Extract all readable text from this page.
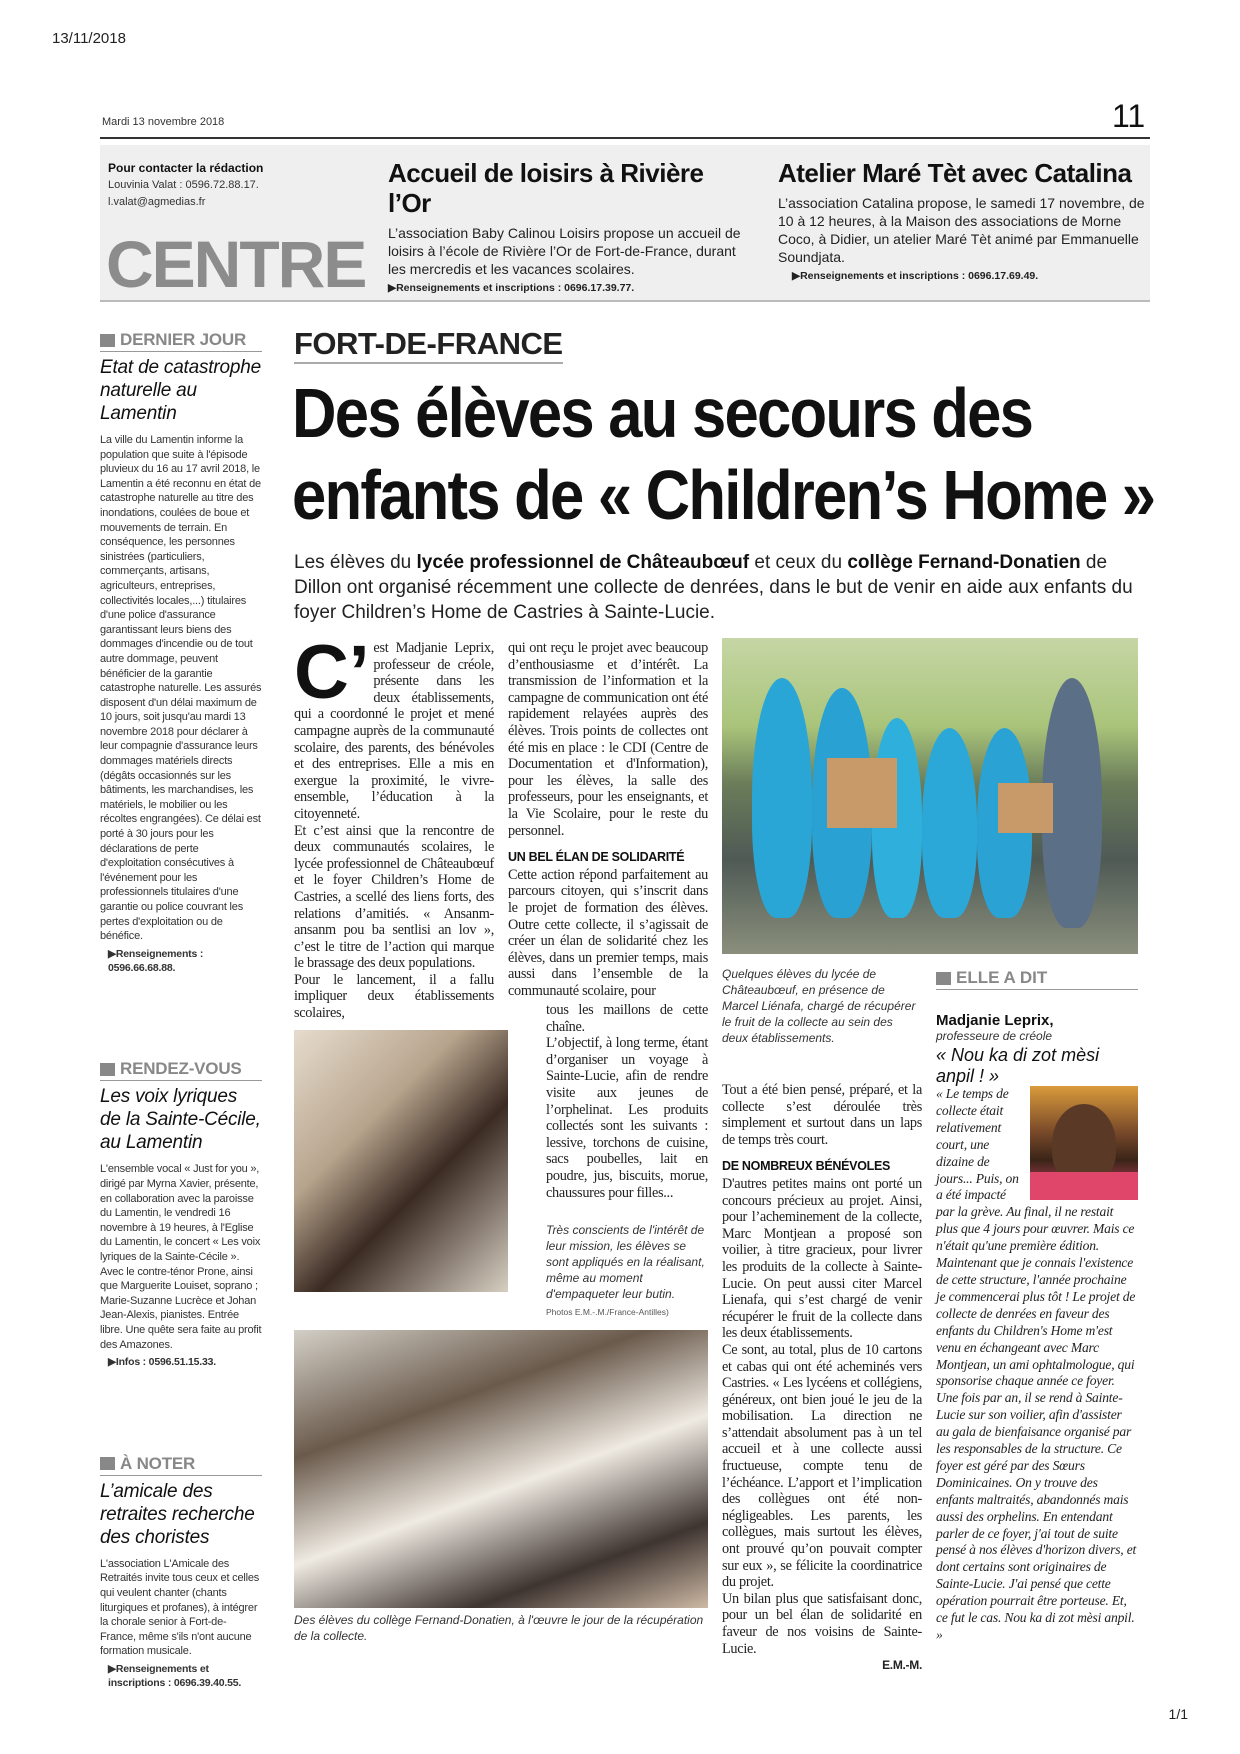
13/11/2018
1/1
Mardi 13 novembre 2018	11
Pour contacter la rédaction
Louvinia Valat : 0596.72.88.17.
l.valat@agmedias.fr
CENTRE
Accueil de loisirs à Rivière l’Or
L’association Baby Calinou Loisirs propose un accueil de loisirs à l’école de Rivière l’Or de Fort-de-France, durant les mercredis et les vacances scolaires.
▶Renseignements et inscriptions : 0696.17.39.77.
Atelier Maré Tèt avec Catalina
L’association Catalina propose, le samedi 17 novembre, de 10 à 12 heures, à la Maison des associations de Morne Coco, à Didier, un atelier Maré Tèt animé par Emmanuelle Soundjata.
▶Renseignements et inscriptions : 0696.17.69.49.
DERNIER JOUR
Etat de catastrophe naturelle au Lamentin

La ville du Lamentin informe la population que suite à l'épisode pluvieux du 16 au 17 avril 2018, le Lamentin a été reconnu en état de catastrophe naturelle au titre des inondations, coulées de boue et mouvements de terrain. En conséquence, les personnes sinistrées (particuliers, commerçants, artisans, agriculteurs, entreprises, collectivités locales,...) titulaires d'une police d'assurance garantissant leurs biens des dommages d'incendie ou de tout autre dommage, peuvent bénéficier de la garantie catastrophe naturelle. Les assurés disposent d'un délai maximum de 10 jours, soit jusqu'au mardi 13 novembre 2018 pour déclarer à leur compagnie d'assurance leurs dommages matériels directs (dégâts occasionnés sur les bâtiments, les marchandises, les matériels, le mobilier ou les récoltes engrangées). Ce délai est porté à 30 jours pour les déclarations de perte d'exploitation consécutives à l'événement pour les professionnels titulaires d'une garantie ou police couvrant les pertes d'exploitation ou de bénéfice.

▶Renseignements : 0596.66.68.88.
RENDEZ-VOUS
Les voix lyriques de la Sainte-Cécile, au Lamentin

L'ensemble vocal « Just for you », dirigé par Myrna Xavier, présente, en collaboration avec la paroisse du Lamentin, le vendredi 16 novembre à 19 heures, à l'Eglise du Lamentin, le concert « Les voix lyriques de la Sainte-Cécile ». Avec le contre-ténor Prone, ainsi que Marguerite Louiset, soprano ; Marie-Suzanne Lucrèce et Johan Jean-Alexis, pianistes. Entrée libre. Une quête sera faite au profit des Amazones.

▶Infos : 0596.51.15.33.
À NOTER
L’amicale des retraites recherche des choristes

L'association L'Amicale des Retraités invite tous ceux et celles qui veulent chanter (chants liturgiques et profanes), à intégrer la chorale senior à Fort-de-France, même s'ils n'ont aucune formation musicale.

▶Renseignements et inscriptions : 0696.39.40.55.
FORT-DE-FRANCE
Des élèves au secours des
enfants de « Children’s Home »
Les élèves du lycée professionnel de Châteaubœuf et ceux du collège Fernand-Donatien de Dillon ont organisé récemment une collecte de denrées, dans le but de venir en aide aux enfants du foyer Children’s Home de Castries à Sainte-Lucie.
C’ est Madjanie Leprix, professeur de créole, présente dans les deux établissements, qui a coordonné le projet et mené campagne auprès de la communauté scolaire, des parents, des bénévoles et des entreprises. Elle a mis en exergue la proximité, le vivre-ensemble, l’éducation à la citoyenneté.

Et c’est ainsi que la rencontre de deux communautés scolaires, le lycée professionnel de Châteaubœuf et le foyer Children’s Home de Castries, a scellé des liens forts, des relations d’amitiés. « Ansanm-ansanm pou ba sentlisi an lov », c’est le titre de l’action qui marque le brassage des deux populations.

Pour le lancement, il a fallu impliquer deux établissements scolaires,

qui ont reçu le projet avec beaucoup d’enthousiasme et d’intérêt. La transmission de l’information et la campagne de communication ont été rapidement relayées auprès des élèves. Trois points de collectes ont été mis en place : le CDI (Centre de Documentation et d'Information), pour les élèves, la salle des professeurs, pour les enseignants, et la Vie Scolaire, pour le reste du personnel.

UN BEL ÉLAN DE SOLIDARITÉ

Cette action répond parfaitement au parcours citoyen, qui s’inscrit dans le projet de formation des élèves. Outre cette collecte, il s’agissait de créer un élan de solidarité chez les élèves, dans un premier temps, mais aussi dans l’ensemble de la communauté scolaire, pour

tous les maillons de cette chaîne.

L’objectif, à long terme, étant d’organiser un voyage à Sainte-Lucie, afin de rendre visite aux jeunes de l’orphelinat. Les produits collectés sont les suivants : lessive, torchons de cuisine, sacs poubelles, lait en poudre, jus, biscuits, morue, chaussures pour filles...

Quelques élèves du lycée de Châteaubœuf, en présence de Marcel Liénafa, chargé de récupérer le fruit de la collecte au sein des deux établissements.
Très conscients de l'intérêt de leur mission, les élèves se sont appliqués en la réalisant, même au moment d'empaqueter leur butin.
Photos E.M.-.M./France-Antilles)
Des élèves du collège Fernand-Donatien, à l'œuvre le jour de la récupération de la collecte.

Tout a été bien pensé, préparé, et la collecte s’est déroulée très simplement et surtout dans un laps de temps très court.

DE NOMBREUX BÉNÉVOLES

D'autres petites mains ont porté un concours précieux au projet. Ainsi, pour l’acheminement de la collecte, Marc Montjean a proposé son voilier, à titre gracieux, pour livrer les produits de la collecte à Sainte-Lucie. On peut aussi citer Marcel Lienafa, qui s’est chargé de venir récupérer le fruit de la collecte dans les deux établissements.

Ce sont, au total, plus de 10 cartons et cabas qui ont été acheminés vers Castries. « Les lycéens et collégiens, généreux, ont bien joué le jeu de la mobilisation. La direction ne s’attendait absolument pas à un tel accueil et à une collecte aussi fructueuse, compte tenu de l’échéance. L’apport et l’implication des collègues ont été non-négligeables. Les parents, les collègues, mais surtout les élèves, ont prouvé qu’on pouvait compter sur eux », se félicite la coordinatrice du projet.

Un bilan plus que satisfaisant donc, pour un bel élan de solidarité en faveur de nos voisins de Sainte-Lucie.

E.M.-M.
ELLE A DIT
Madjanie Leprix,
professeure de créole
« Nou ka di zot mèsi anpil ! »
« Le temps de collecte était relativement court, une dizaine de jours... Puis, on a été impacté par la grève. Au final, il ne restait plus que 4 jours pour œuvrer. Mais ce n'était qu'une première édition. Maintenant que je connais l'existence de cette structure, l'année prochaine je commencerai plus tôt ! Le projet de collecte de denrées en faveur des enfants du Children's Home m'est venu en échangeant avec Marc Montjean, un ami ophtalmologue, qui sponsorise chaque année ce foyer. Une fois par an, il se rend à Sainte-Lucie sur son voilier, afin d'assister au gala de bienfaisance organisé par les responsables de la structure. Ce foyer est géré par des Sœurs Dominicaines. On y trouve des enfants maltraités, abandonnés mais aussi des orphelins. En entendant parler de ce foyer, j'ai tout de suite pensé à nos élèves d'horizon divers, et dont certains sont originaires de Sainte-Lucie. J'ai pensé que cette opération pourrait être porteuse. Et, ce fut le cas. Nou ka di zot mèsi anpil. »
